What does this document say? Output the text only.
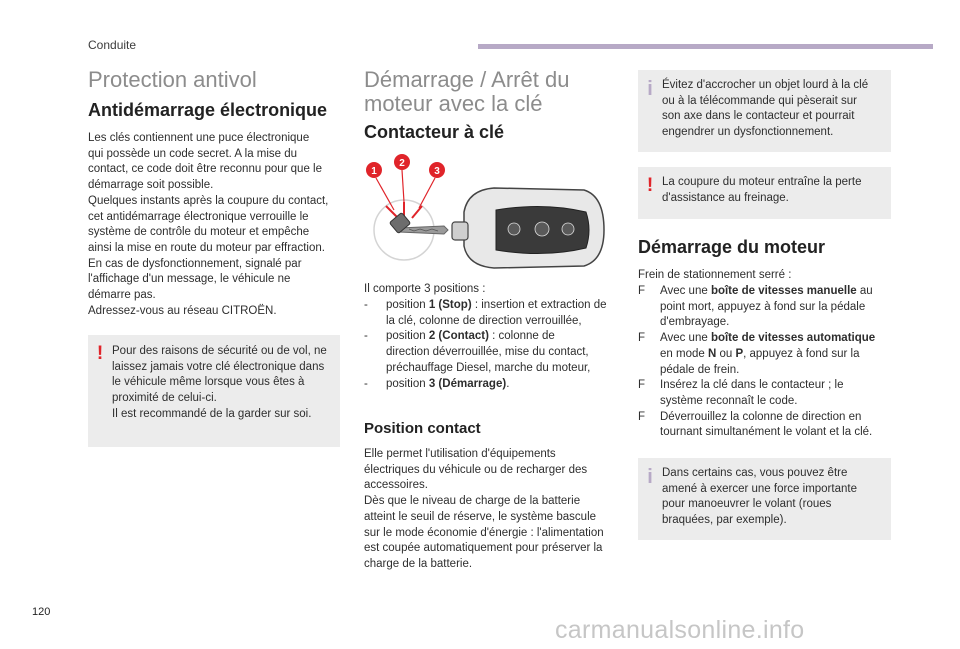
Conduite
Protection antivol
Antidémarrage électronique
Les clés contiennent une puce électronique
qui possède un code secret. A la mise du
contact, ce code doit être reconnu pour que le
démarrage soit possible.
Quelques instants après la coupure du contact,
cet antidémarrage électronique verrouille le
système de contrôle du moteur et empêche
ainsi la mise en route du moteur par effraction.
En cas de dysfonctionnement, signalé par
l'affichage d'un message, le véhicule ne
démarre pas.
Adressez-vous au réseau CITROËN.
! Pour des raisons de sécurité ou de vol, ne
laissez jamais votre clé électronique dans
le véhicule même lorsque vous êtes à
proximité de celui-ci.
Il est recommandé de la garder sur soi.
Démarrage / Arrêt du
moteur avec la clé
Contacteur à clé
1
2
3
Il comporte 3 positions :
- position 1 (Stop) : insertion et extraction de
la clé, colonne de direction verrouillée,
- position 2 (Contact) : colonne de
direction déverrouillée, mise du contact,
préchauffage Diesel, marche du moteur,
- position 3 (Démarrage).
Position contact
Elle permet l'utilisation d'équipements
électriques du véhicule ou de recharger des
accessoires.
Dès que le niveau de charge de la batterie
atteint le seuil de réserve, le système bascule
sur le mode économie d'énergie : l'alimentation
est coupée automatiquement pour préserver la
charge de la batterie.
i Évitez d'accrocher un objet lourd à la clé
ou à la télécommande qui pèserait sur
son axe dans le contacteur et pourrait
engendrer un dysfonctionnement.
! La coupure du moteur entraîne la perte
d'assistance au freinage.
Démarrage du moteur
Frein de stationnement serré :
F Avec une boîte de vitesses manuelle au
point mort, appuyez à fond sur la pédale
d'embrayage.
F Avec une boîte de vitesses automatique
en mode N ou P, appuyez à fond sur la
pédale de frein.
F Insérez la clé dans le contacteur ; le
système reconnaît le code.
F Déverrouillez la colonne de direction en
tournant simultanément le volant et la clé.
i Dans certains cas, vous pouvez être
amené à exercer une force importante
pour manoeuvrer le volant (roues
braquées, par exemple).
120
carmanualsonline.info
